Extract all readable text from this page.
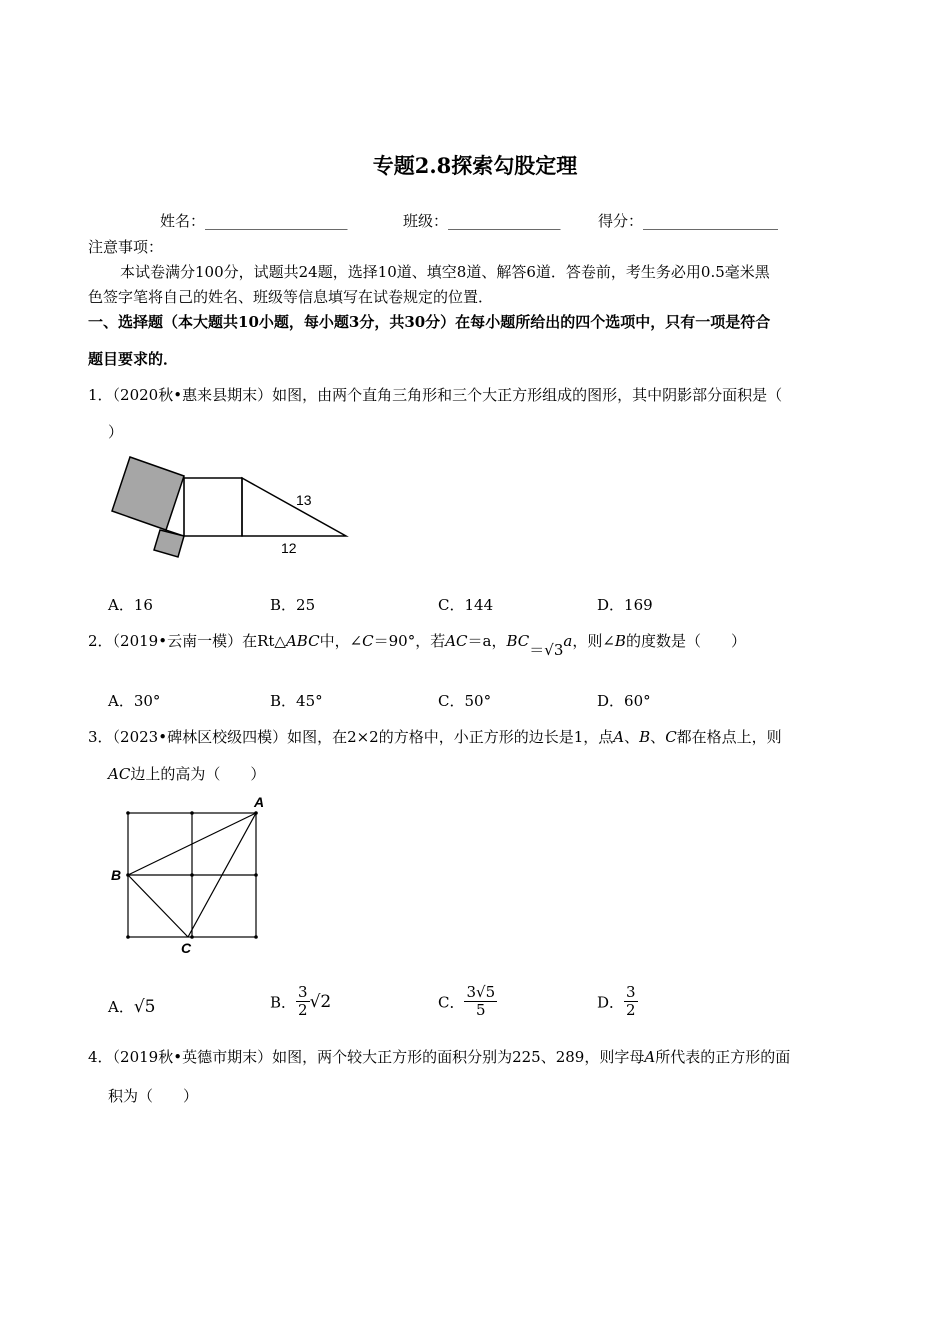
专题2.8探索勾股定理
姓名：___________________	班级：_______________ 得分：__________________
注意事项：
本试卷满分100分，试题共24题，选择10道、填空8道、解答6道．答卷前，考生务必用0.5毫米黑
色签字笔将自己的姓名、班级等信息填写在试卷规定的位置．
一、选择题（本大题共10小题，每小题3分，共30分）在每小题所给出的四个选项中，只有一项是符合
题目要求的．
1．（2020秋•惠来县期末）如图，由两个直角三角形和三个大正方形组成的图形，其中阴影部分面积是（
）
13
12
A．16	B．25	C．144	D．169
2．（2019•云南一模）在Rt△ABC中，∠C＝90°，若AC＝a，BC＝√3a，则∠B的度数是（　　）
A．30°	B．45°	C．50°	D．60°
3．（2023•碑林区校级四模）如图，在2×2的方格中，小正方形的边长是1，点A、B、C都在格点上，则
AC边上的高为（　　）
A
B
C
A．√5	B． $\frac{3}{2} √2$	C． $\frac{3√5}{5}$	D． $\frac{3}{2}$
4．（2019秋•英德市期末）如图，两个较大正方形的面积分别为225、289，则字母A所代表的正方形的面
积为（　　）
